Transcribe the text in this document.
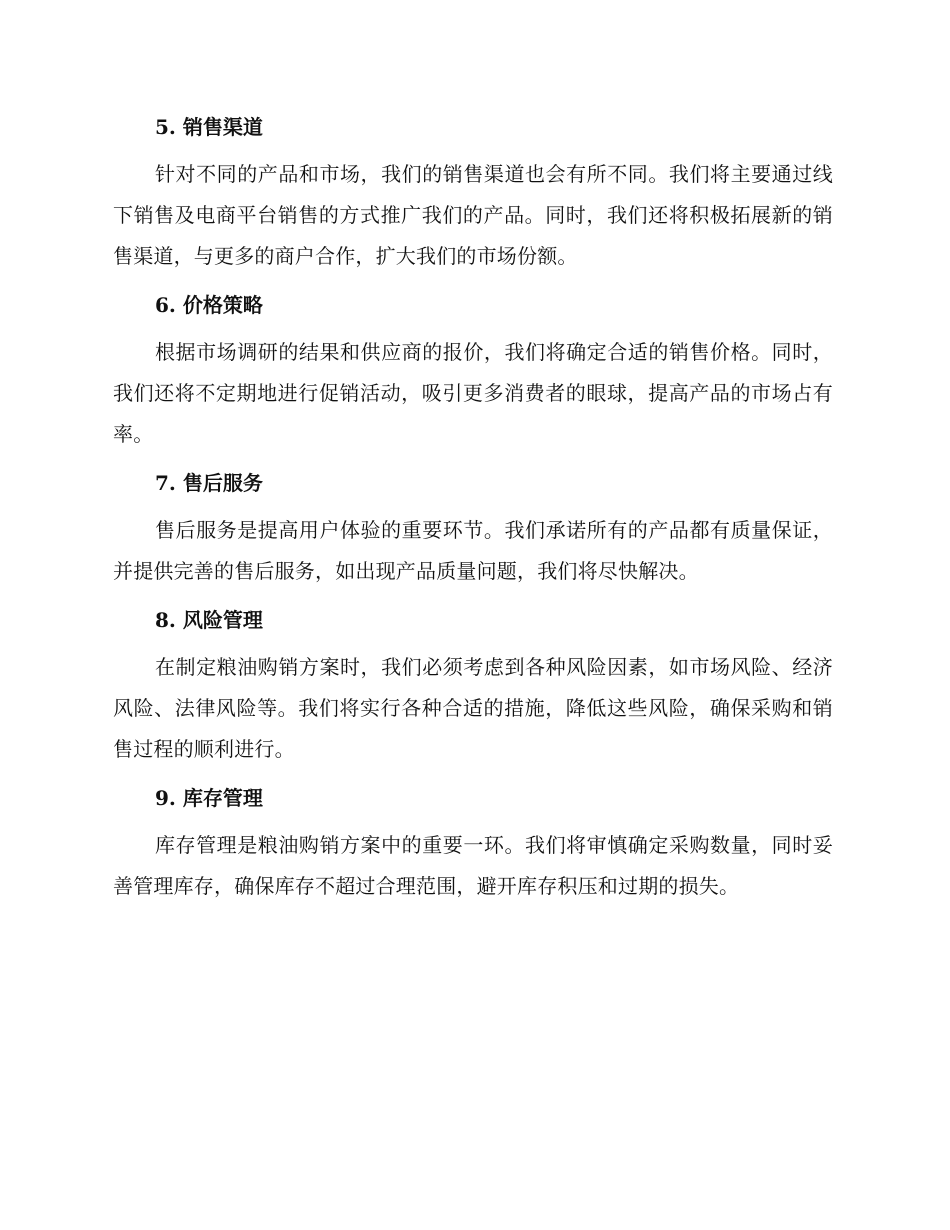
5. 销售渠道

针对不同的产品和市场，我们的销售渠道也会有所不同。我们将主要通过线下销售及电商平台销售的方式推广我们的产品。同时，我们还将积极拓展新的销售渠道，与更多的商户合作，扩大我们的市场份额。

6. 价格策略

根据市场调研的结果和供应商的报价，我们将确定合适的销售价格。同时，我们还将不定期地进行促销活动，吸引更多消费者的眼球，提高产品的市场占有率。

7. 售后服务

售后服务是提高用户体验的重要环节。我们承诺所有的产品都有质量保证，并提供完善的售后服务，如出现产品质量问题，我们将尽快解决。

8. 风险管理

在制定粮油购销方案时，我们必须考虑到各种风险因素，如市场风险、经济风险、法律风险等。我们将实行各种合适的措施，降低这些风险，确保采购和销售过程的顺利进行。

9. 库存管理

库存管理是粮油购销方案中的重要一环。我们将审慎确定采购数量，同时妥善管理库存，确保库存不超过合理范围，避开库存积压和过期的损失。
